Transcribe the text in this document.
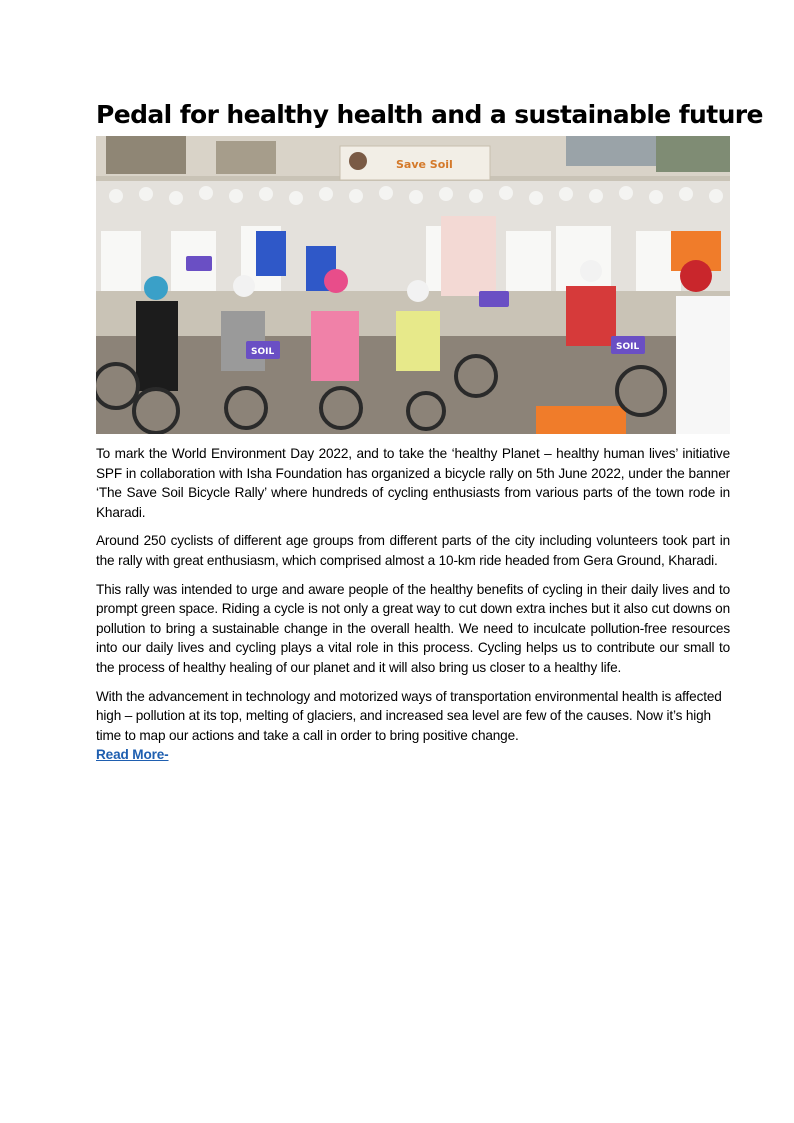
Pedal for healthy health and a sustainable future
Save Soil
SOIL	SOIL

To mark the World Environment Day 2022, and to take the ‘healthy Planet – healthy human lives’ initiative SPF in collaboration with Isha Foundation has organized a bicycle rally on 5th June 2022, under the banner ‘The Save Soil Bicycle Rally’ where hundreds of cycling enthusiasts from various parts of the town rode in Kharadi.

Around 250 cyclists of different age groups from different parts of the city including volunteers took part in the rally with great enthusiasm, which comprised almost a 10-km ride headed from Gera Ground, Kharadi.

This rally was intended to urge and aware people of the healthy benefits of cycling in their daily lives and to prompt green space. Riding a cycle is not only a great way to cut down extra inches but it also cut downs on pollution to bring a sustainable change in the overall health. We need to inculcate pollution-free resources into our daily lives and cycling plays a vital role in this process. Cycling helps us to contribute our small to the process of healthy healing of our planet and it will also bring us closer to a healthy life.

With the advancement in technology and motorized ways of transportation environmental health is affected high – pollution at its top, melting of glaciers, and increased sea level are few of the causes. Now it’s high time to map our actions and take a call in order to bring positive change.
Read More-
